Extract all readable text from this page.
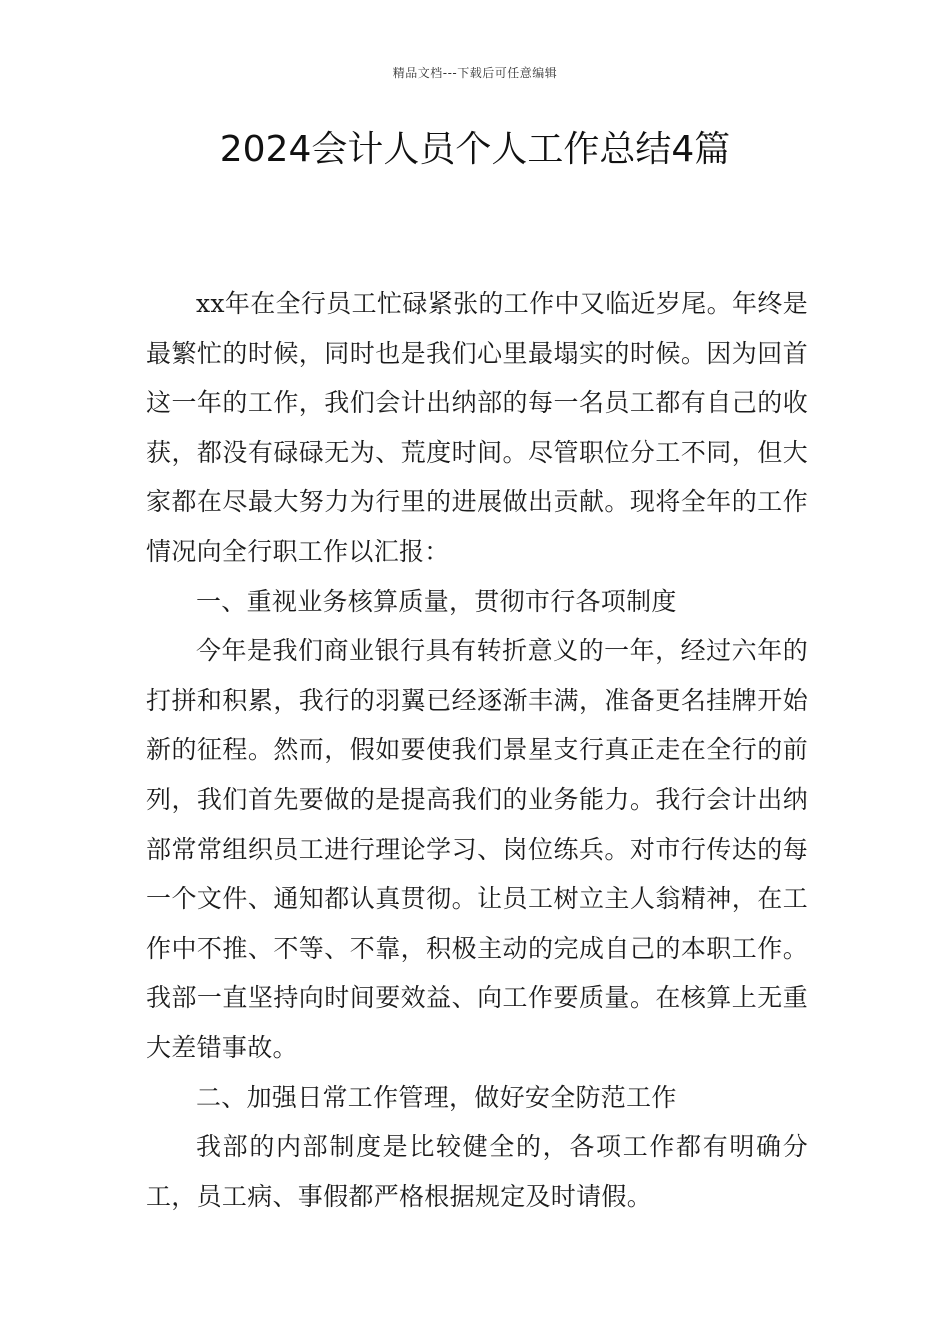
精品文档---下载后可任意编辑
2024会计人员个人工作总结4篇

xx年在全行员工忙碌紧张的工作中又临近岁尾。年终是最繁忙的时候，同时也是我们心里最塌实的时候。因为回首这一年的工作，我们会计出纳部的每一名员工都有自己的收获，都没有碌碌无为、荒度时间。尽管职位分工不同，但大家都在尽最大努力为行里的进展做出贡献。现将全年的工作情况向全行职工作以汇报：

一、重视业务核算质量，贯彻市行各项制度

今年是我们商业银行具有转折意义的一年，经过六年的打拼和积累，我行的羽翼已经逐渐丰满，准备更名挂牌开始新的征程。然而，假如要使我们景星支行真正走在全行的前列，我们首先要做的是提高我们的业务能力。我行会计出纳部常常组织员工进行理论学习、岗位练兵。对市行传达的每一个文件、通知都认真贯彻。让员工树立主人翁精神，在工作中不推、不等、不靠，积极主动的完成自己的本职工作。我部一直坚持向时间要效益、向工作要质量。在核算上无重大差错事故。

二、加强日常工作管理，做好安全防范工作

我部的内部制度是比较健全的，各项工作都有明确分工，员工病、事假都严格根据规定及时请假。
